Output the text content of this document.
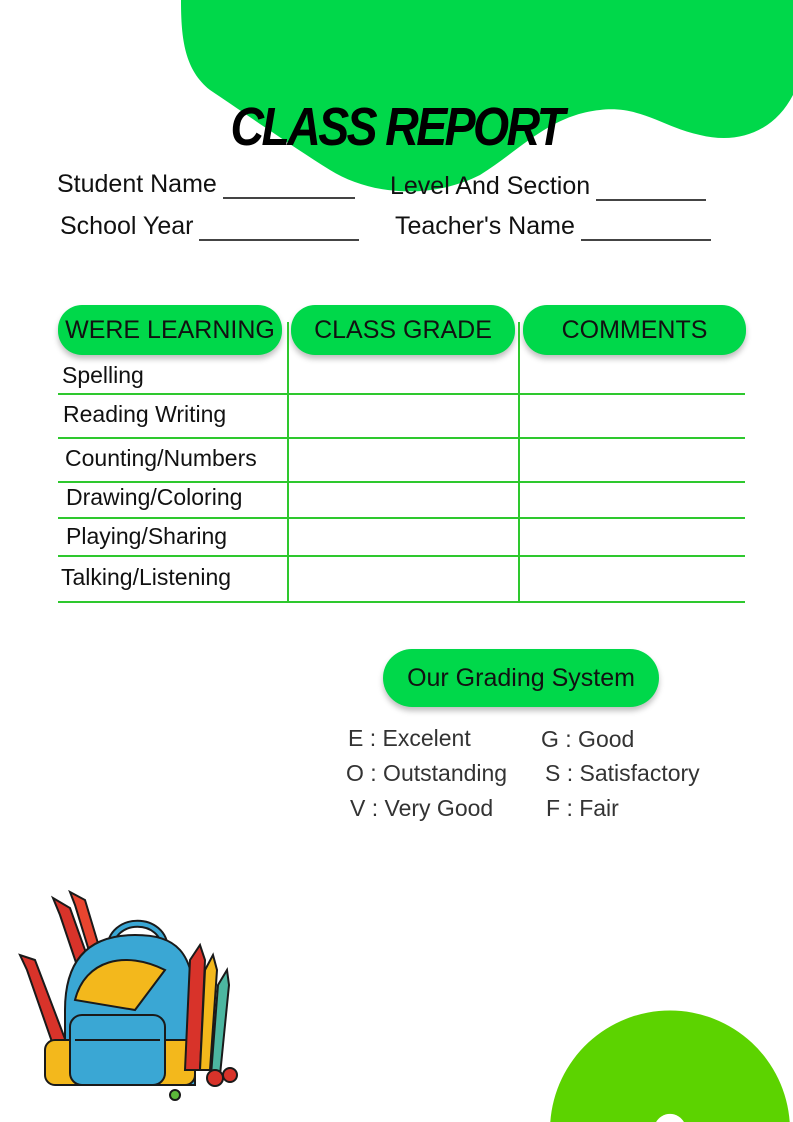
CLASS REPORT
Student Name	Level And Section
School Year	Teacher's Name
WERE LEARNING	CLASS GRADE	COMMENTS
Spelling
Reading Writing
Counting/Numbers
Drawing/Coloring
Playing/Sharing
Talking/Listening
Our Grading System
E : Excelent	G : Good
O : Outstanding S : Satisfactory
V : Very Good F : Fair
